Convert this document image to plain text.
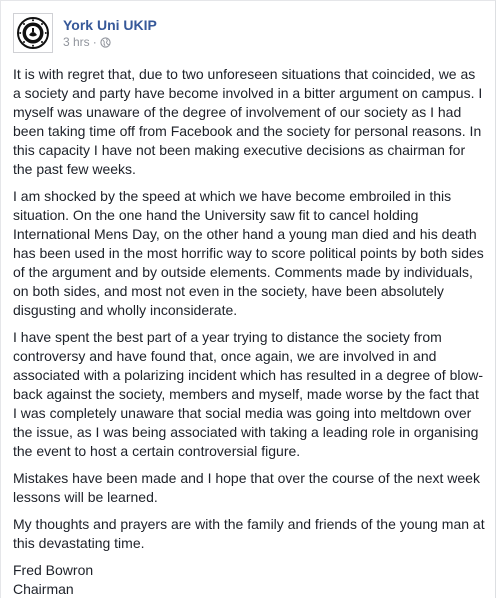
York Uni UKIP
3 hrs ·

It is with regret that, due to two unforeseen situations that coincided, we as a society and party have become involved in a bitter argument on campus. I myself was unaware of the degree of involvement of our society as I had been taking time off from Facebook and the society for personal reasons. In this capacity I have not been making executive decisions as chairman for the past few weeks.

I am shocked by the speed at which we have become embroiled in this situation. On the one hand the University saw fit to cancel holding International Mens Day, on the other hand a young man died and his death has been used in the most horrific way to score political points by both sides of the argument and by outside elements. Comments made by individuals, on both sides, and most not even in the society, have been absolutely disgusting and wholly inconsiderate.

I have spent the best part of a year trying to distance the society from controversy and have found that, once again, we are involved in and associated with a polarizing incident which has resulted in a degree of blow-back against the society, members and myself, made worse by the fact that I was completely unaware that social media was going into meltdown over the issue, as I was being associated with taking a leading role in organising the event to host a certain controversial figure.

Mistakes have been made and I hope that over the course of the next week lessons will be learned.

My thoughts and prayers are with the family and friends of the young man at this devastating time.

Fred Bowron
Chairman
